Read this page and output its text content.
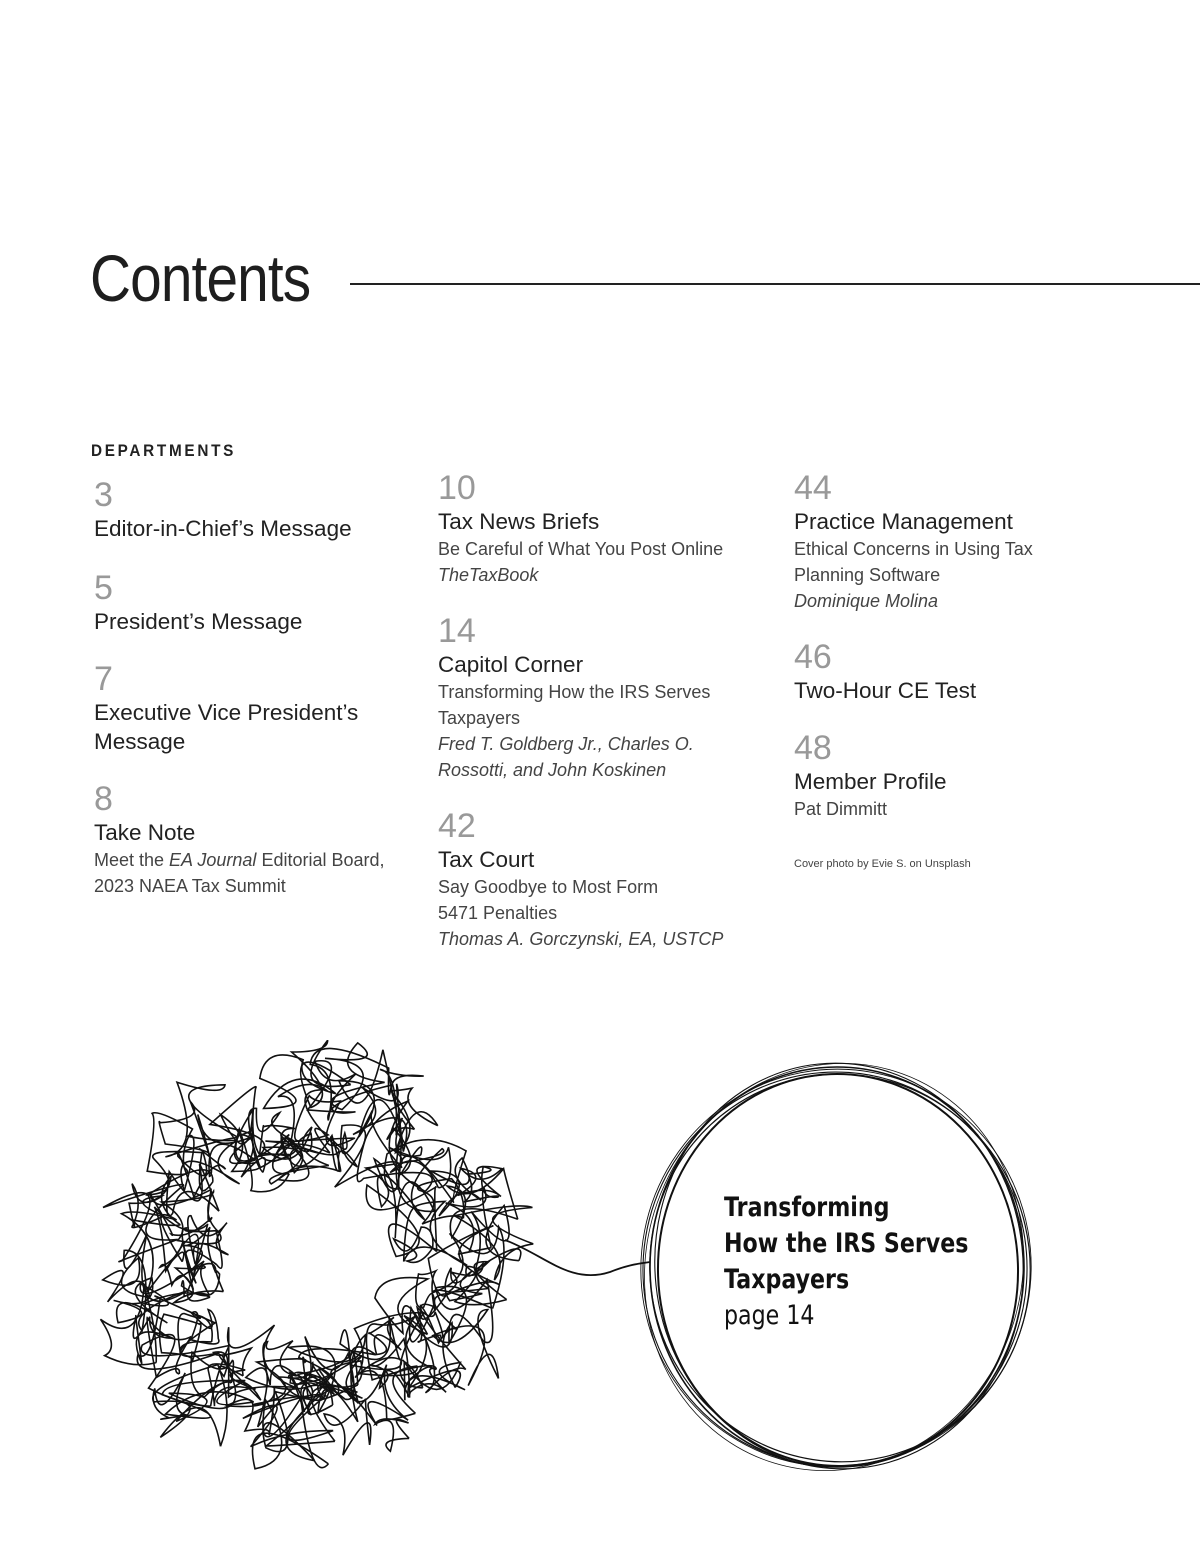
Contents
DEPARTMENTS
3
Editor-in-Chief’s Message
5
President’s Message
7
Executive Vice President’s Message
8
Take Note
Meet the EA Journal Editorial Board, 2023 NAEA Tax Summit
10
Tax News Briefs
Be Careful of What You Post Online
TheTaxBook
14
Capitol Corner
Transforming How the IRS Serves Taxpayers
Fred T. Goldberg Jr., Charles O. Rossotti, and John Koskinen
42
Tax Court
Say Goodbye to Most Form 5471 Penalties
Thomas A. Gorczynski, EA, USTCP
44
Practice Management
Ethical Concerns in Using Tax Planning Software
Dominique Molina
46
Two-Hour CE Test
48
Member Profile
Pat Dimmitt
Cover photo by Evie S. on Unsplash
Transforming
How the IRS Serves
Taxpayers
page 14
